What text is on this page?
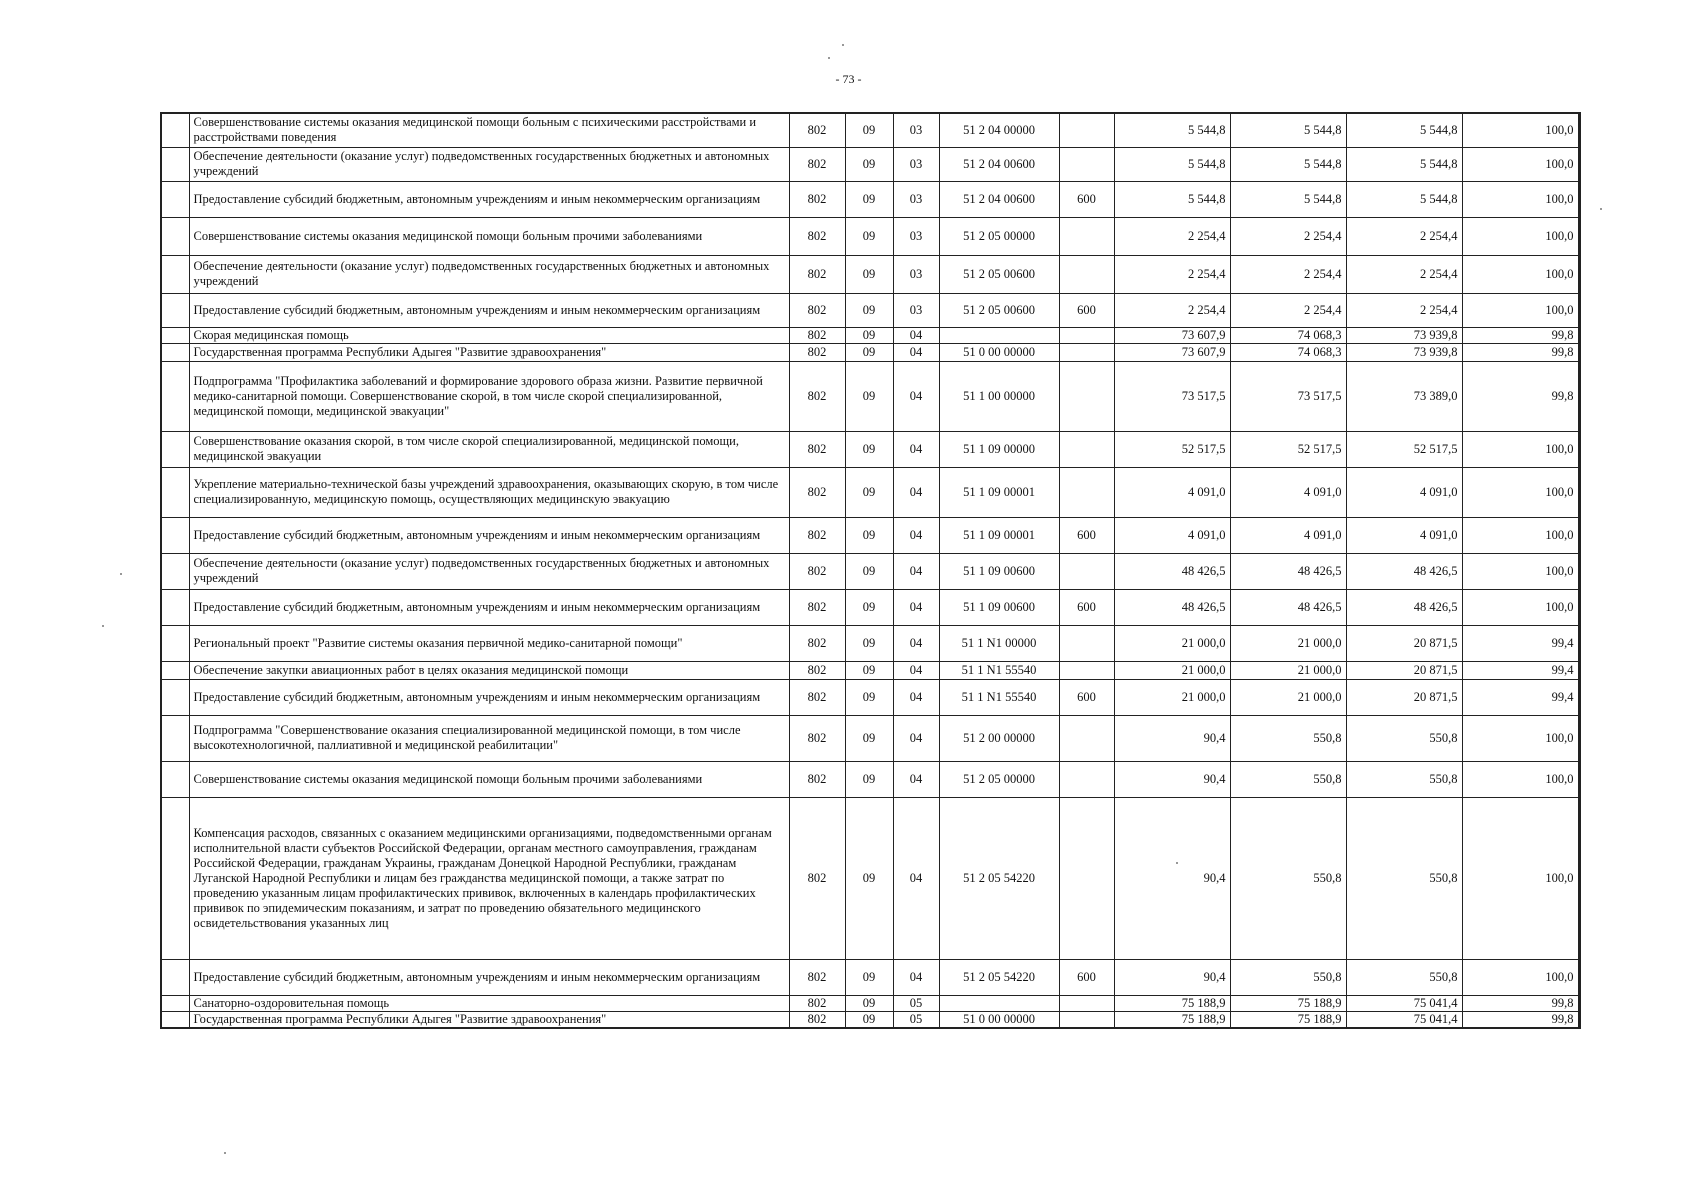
- 73 -
	Совершенствование системы оказания медицинской помощи больным с психическими расстройствами и расстройствами поведения	802	09	03	51 2 04 00000		5 544,8	5 544,8	5 544,8	100,0
	Обеспечение деятельности (оказание услуг) подведомственных государственных бюджетных и автономных учреждений	802	09	03	51 2 04 00600		5 544,8	5 544,8	5 544,8	100,0
	Предоставление субсидий бюджетным, автономным учреждениям и иным некоммерческим организациям	802	09	03	51 2 04 00600	600	5 544,8	5 544,8	5 544,8	100,0
	Совершенствование системы оказания медицинской помощи больным прочими заболеваниями	802	09	03	51 2 05 00000		2 254,4	2 254,4	2 254,4	100,0
	Обеспечение деятельности (оказание услуг) подведомственных государственных бюджетных и автономных учреждений	802	09	03	51 2 05 00600		2 254,4	2 254,4	2 254,4	100,0
	Предоставление субсидий бюджетным, автономным учреждениям и иным некоммерческим организациям	802	09	03	51 2 05 00600	600	2 254,4	2 254,4	2 254,4	100,0
	Скорая медицинская помощь	802	09	04			73 607,9	74 068,3	73 939,8	99,8
	Государственная программа Республики Адыгея "Развитие здравоохранения"	802	09	04	51 0 00 00000		73 607,9	74 068,3	73 939,8	99,8
	Подпрограмма "Профилактика заболеваний и формирование здорового образа жизни. Развитие первичной медико-санитарной помощи. Совершенствование скорой, в том числе скорой специализированной, медицинской помощи, медицинской эвакуации"	802	09	04	51 1 00 00000		73 517,5	73 517,5	73 389,0	99,8
	Совершенствование оказания скорой, в том числе скорой специализированной, медицинской помощи, медицинской эвакуации	802	09	04	51 1 09 00000		52 517,5	52 517,5	52 517,5	100,0
	Укрепление материально-технической базы учреждений здравоохранения, оказывающих скорую, в том числе специализированную, медицинскую помощь, осуществляющих медицинскую эвакуацию	802	09	04	51 1 09 00001		4 091,0	4 091,0	4 091,0	100,0
	Предоставление субсидий бюджетным, автономным учреждениям и иным некоммерческим организациям	802	09	04	51 1 09 00001	600	4 091,0	4 091,0	4 091,0	100,0
	Обеспечение деятельности (оказание услуг) подведомственных государственных бюджетных и автономных учреждений	802	09	04	51 1 09 00600		48 426,5	48 426,5	48 426,5	100,0
	Предоставление субсидий бюджетным, автономным учреждениям и иным некоммерческим организациям	802	09	04	51 1 09 00600	600	48 426,5	48 426,5	48 426,5	100,0
	Региональный проект "Развитие системы оказания первичной медико-санитарной помощи"	802	09	04	51 1 N1 00000		21 000,0	21 000,0	20 871,5	99,4
	Обеспечение закупки авиационных работ в целях оказания медицинской помощи	802	09	04	51 1 N1 55540		21 000,0	21 000,0	20 871,5	99,4
	Предоставление субсидий бюджетным, автономным учреждениям и иным некоммерческим организациям	802	09	04	51 1 N1 55540	600	21 000,0	21 000,0	20 871,5	99,4
	Подпрограмма "Совершенствование оказания специализированной медицинской помощи, в том числе высокотехнологичной, паллиативной и медицинской реабилитации"	802	09	04	51 2 00 00000		90,4	550,8	550,8	100,0
	Совершенствование системы оказания медицинской помощи больным прочими заболеваниями	802	09	04	51 2 05 00000		90,4	550,8	550,8	100,0
	Компенсация расходов, связанных с оказанием медицинскими организациями, подведомственными органам исполнительной власти субъектов Российской Федерации, органам местного самоуправления, гражданам Российской Федерации, гражданам Украины, гражданам Донецкой Народной Республики, гражданам Луганской Народной Республики и лицам без гражданства медицинской помощи, а также затрат по проведению указанным лицам профилактических прививок, включенных в календарь профилактических прививок по эпидемическим показаниям, и затрат по проведению обязательного медицинского освидетельствования указанных лиц	802	09	04	51 2 05 54220		90,4	550,8	550,8	100,0
	Предоставление субсидий бюджетным, автономным учреждениям и иным некоммерческим организациям	802	09	04	51 2 05 54220	600	90,4	550,8	550,8	100,0
	Санаторно-оздоровительная помощь	802	09	05			75 188,9	75 188,9	75 041,4	99,8
	Государственная программа Республики Адыгея "Развитие здравоохранения"	802	09	05	51 0 00 00000		75 188,9	75 188,9	75 041,4	99,8
